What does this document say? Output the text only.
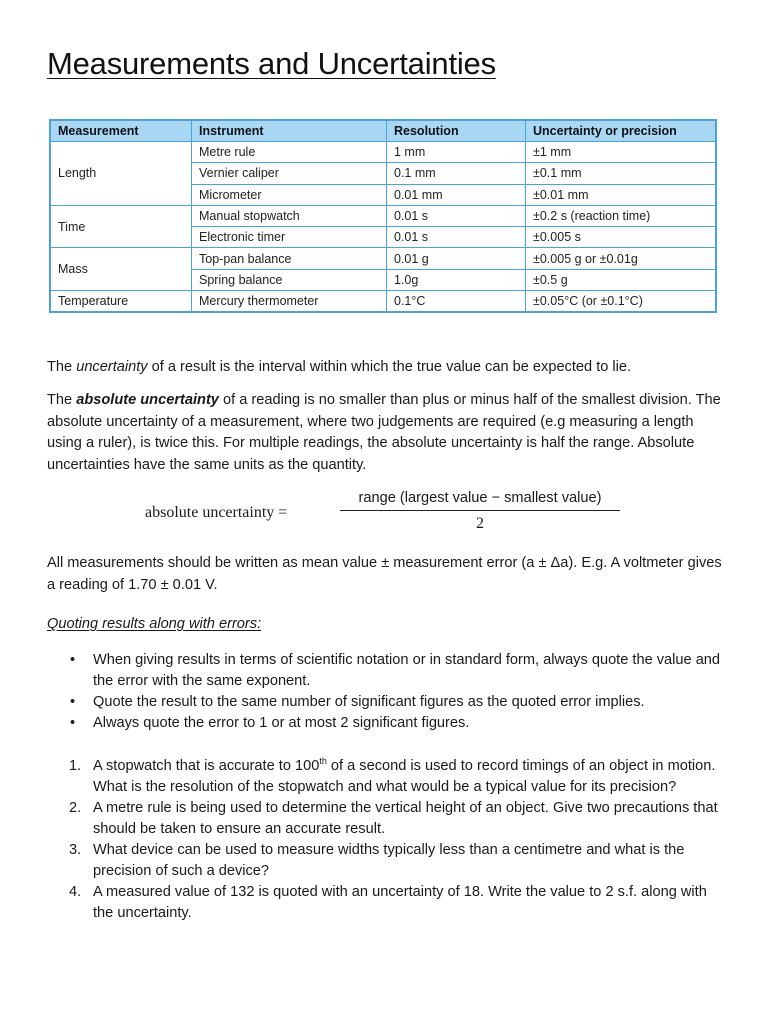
Measurements and Uncertainties
Measurement	Instrument	Resolution	Uncertainty or precision
Length	Metre rule	1 mm	±1 mm
	Vernier caliper	0.1 mm	±0.1 mm
	Micrometer	0.01 mm	±0.01 mm
Time	Manual stopwatch	0.01 s	±0.2 s (reaction time)
	Electronic timer	0.01 s	±0.005 s
Mass	Top-pan balance	0.01 g	±0.005 g or ±0.01g
	Spring balance	1.0g	±0.5 g
Temperature	Mercury thermometer	0.1°C	±0.05°C (or ±0.1°C)

The uncertainty of a result is the interval within which the true value can be expected to lie.

The absolute uncertainty of a reading is no smaller than plus or minus half of the smallest division. The absolute uncertainty of a measurement, where two judgements are required (e.g measuring a length using a ruler), is twice this. For multiple readings, the absolute uncertainty is half the range. Absolute uncertainties have the same units as the quantity.

absolute uncertainty =
range (largest value − smallest value)
2

All measurements should be written as mean value ± measurement error (a ± Δa). E.g. A voltmeter gives a reading of 1.70 ± 0.01 V.

Quoting results along with errors:

• When giving results in terms of scientific notation or in standard form, always quote the value and the error with the same exponent.
• Quote the result to the same number of significant figures as the quoted error implies.
• Always quote the error to 1 or at most 2 significant figures.
1. A stopwatch that is accurate to 100th of a second is used to record timings of an object in motion. What is the resolution of the stopwatch and what would be a typical value for its precision?
2. A metre rule is being used to determine the vertical height of an object. Give two precautions that should be taken to ensure an accurate result.
3. What device can be used to measure widths typically less than a centimetre and what is the precision of such a device?
4. A measured value of 132 is quoted with an uncertainty of 18. Write the value to 2 s.f. along with the uncertainty.
